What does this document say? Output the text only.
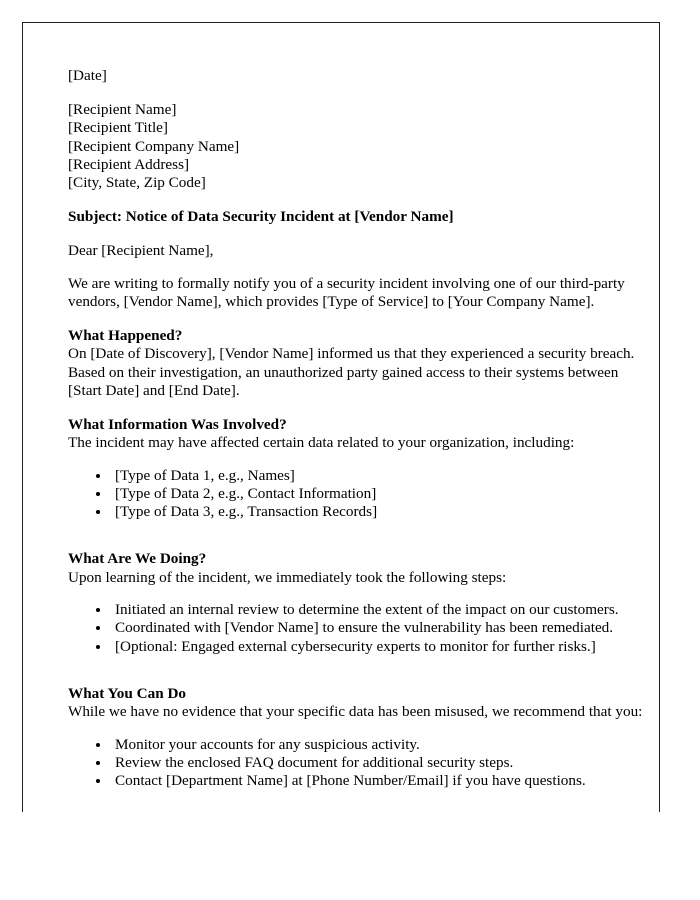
[Date]
[Recipient Name]
[Recipient Title]
[Recipient Company Name]
[Recipient Address]
[City, State, Zip Code]
Subject: Notice of Data Security Incident at [Vendor Name]
Dear [Recipient Name],
We are writing to formally notify you of a security incident involving one of our third-party vendors, [Vendor Name], which provides [Type of Service] to [Your Company Name].
What Happened?
On [Date of Discovery], [Vendor Name] informed us that they experienced a security breach. Based on their investigation, an unauthorized party gained access to their systems between [Start Date] and [End Date].
What Information Was Involved?
The incident may have affected certain data related to your organization, including:
• [Type of Data 1, e.g., Names]
• [Type of Data 2, e.g., Contact Information]
• [Type of Data 3, e.g., Transaction Records]
What Are We Doing?
Upon learning of the incident, we immediately took the following steps:
• Initiated an internal review to determine the extent of the impact on our customers.
• Coordinated with [Vendor Name] to ensure the vulnerability has been remediated.
• [Optional: Engaged external cybersecurity experts to monitor for further risks.]
What You Can Do
While we have no evidence that your specific data has been misused, we recommend that you:
• Monitor your accounts for any suspicious activity.
• Review the enclosed FAQ document for additional security steps.
• Contact [Department Name] at [Phone Number/Email] if you have questions.
